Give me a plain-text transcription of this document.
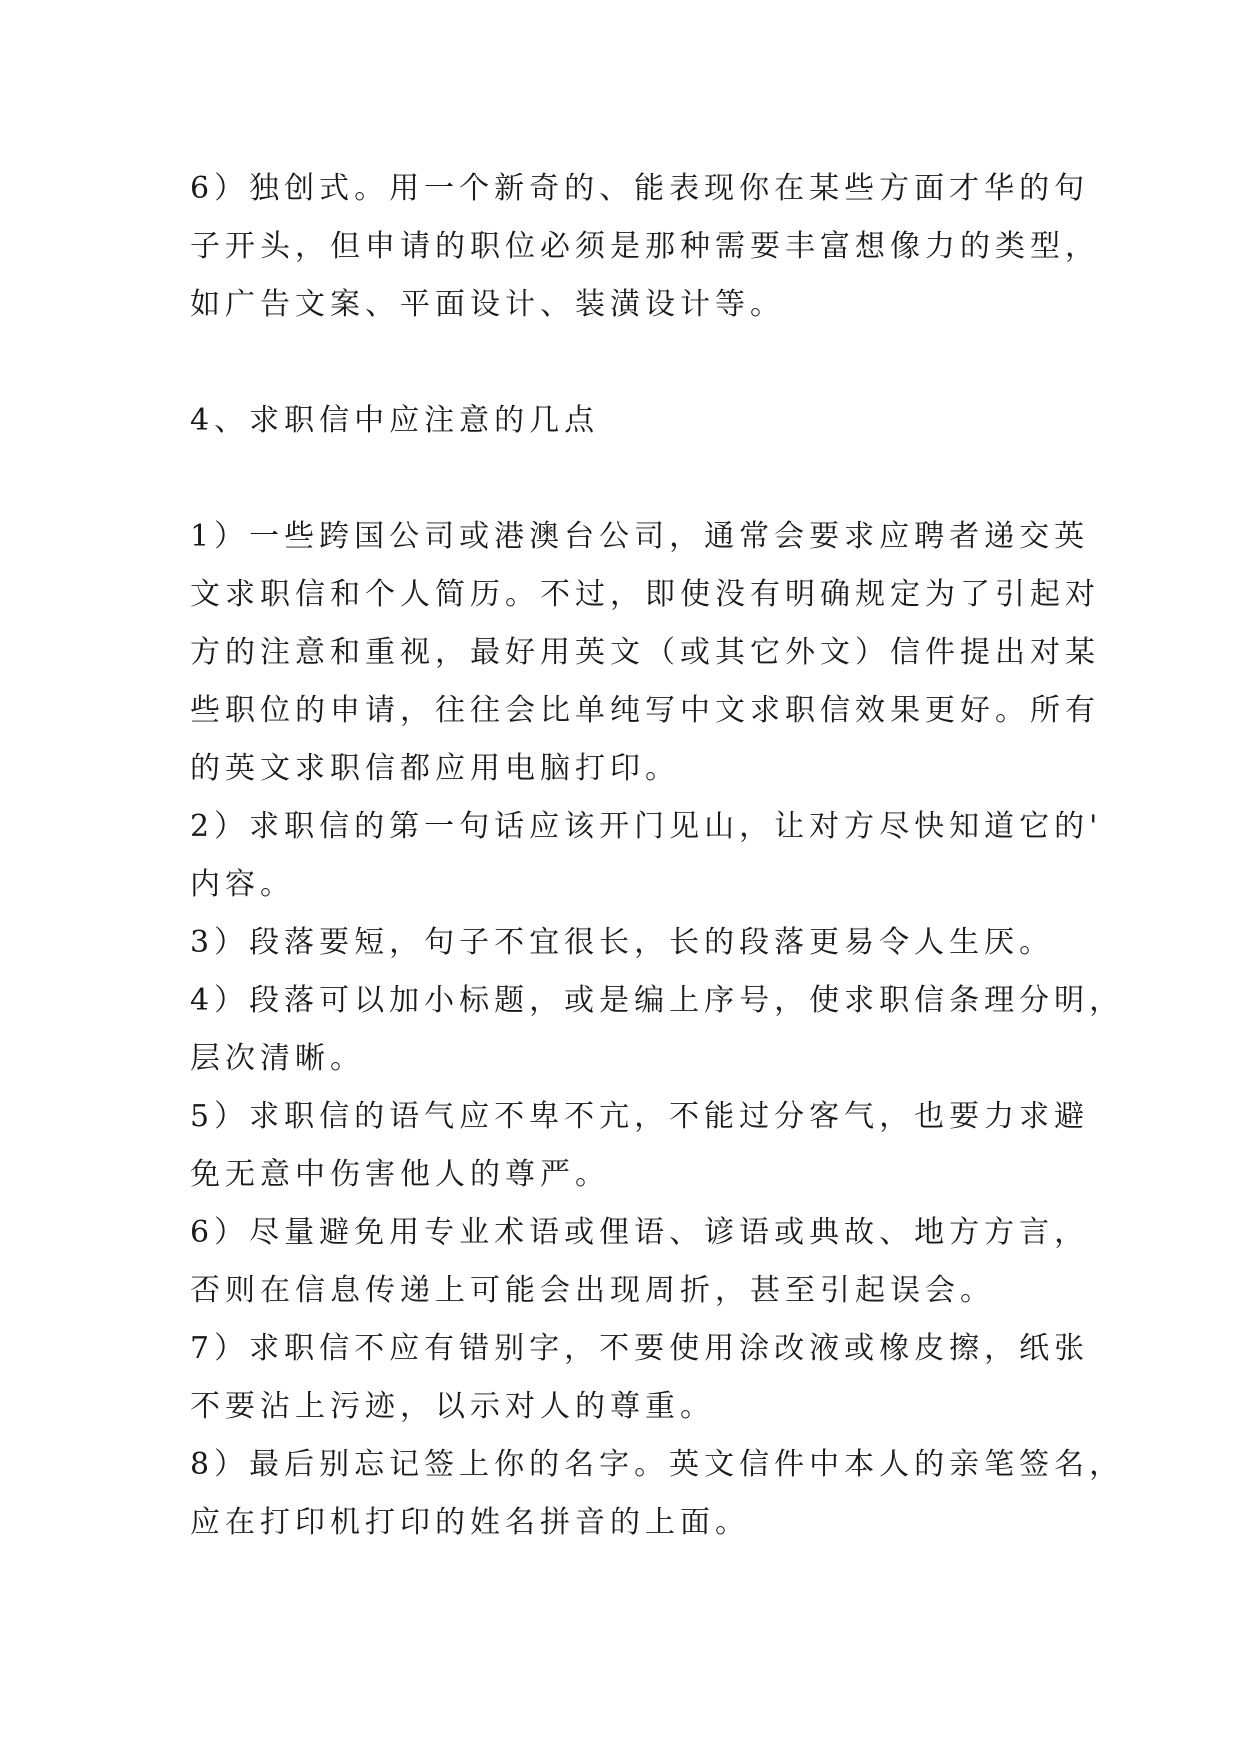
6）独创式。用一个新奇的、能表现你在某些方面才华的句
子开头，但申请的职位必须是那种需要丰富想像力的类型，
如广告文案、平面设计、装潢设计等。
4、求职信中应注意的几点
1）一些跨国公司或港澳台公司，通常会要求应聘者递交英
文求职信和个人简历。不过，即使没有明确规定为了引起对
方的注意和重视，最好用英文（或其它外文）信件提出对某
些职位的申请，往往会比单纯写中文求职信效果更好。所有
的英文求职信都应用电脑打印。
2）求职信的第一句话应该开门见山，让对方尽快知道它的'
内容。
3）段落要短，句子不宜很长，长的段落更易令人生厌。
4）段落可以加小标题，或是编上序号，使求职信条理分明，
层次清晰。
5）求职信的语气应不卑不亢，不能过分客气，也要力求避
免无意中伤害他人的尊严。
6）尽量避免用专业术语或俚语、谚语或典故、地方方言，
否则在信息传递上可能会出现周折，甚至引起误会。
7）求职信不应有错别字，不要使用涂改液或橡皮擦，纸张
不要沾上污迹，以示对人的尊重。
8）最后别忘记签上你的名字。英文信件中本人的亲笔签名，
应在打印机打印的姓名拼音的上面。
